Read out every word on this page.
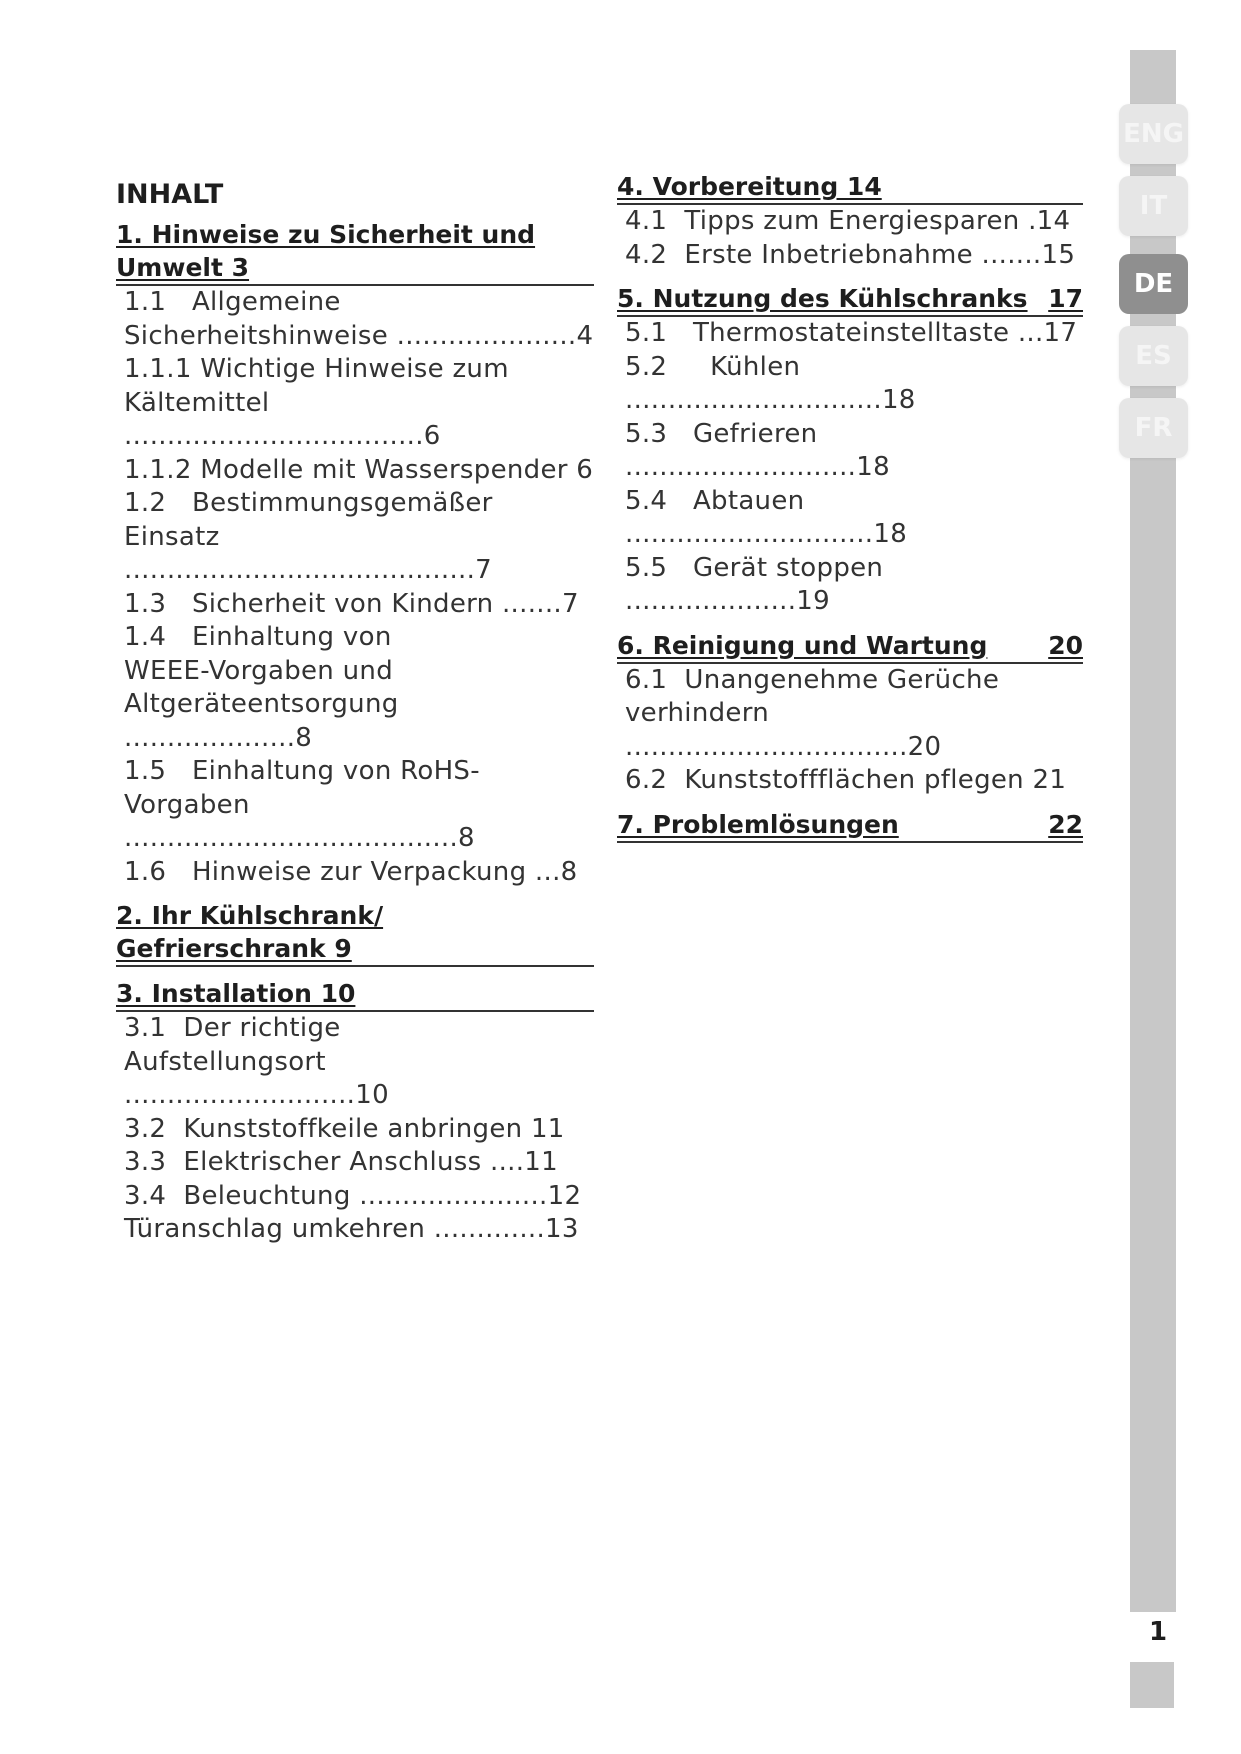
ENG
IT
DE
ES
FR
INHALT
1. Hinweise zu Sicherheit und
Umwelt 3
1.1   Allgemeine
Sicherheitshinweise .....................4
1.1.1 Wichtige Hinweise zum
Kältemittel ...................................6
1.1.2 Modelle mit Wasserspender 6
1.2   Bestimmungsgemäßer
Einsatz .........................................7
1.3   Sicherheit von Kindern .......7
1.4   Einhaltung von
WEEE-Vorgaben und
Altgeräteentsorgung ....................8
1.5   Einhaltung von RoHS-
Vorgaben .......................................8
1.6   Hinweise zur Verpackung ...8
2. Ihr Kühlschrank/
Gefrierschrank 9
3. Installation 10
3.1  Der richtige
Aufstellungsort ...........................10
3.2  Kunststoffkeile anbringen 11
3.3  Elektrischer Anschluss ....11
3.4  Beleuchtung ......................12
Türanschlag umkehren .............13
4. Vorbereitung 14
4.1  Tipps zum Energiesparen .14
4.2  Erste Inbetriebnahme .......15
5. Nutzung des Kühlschranks 17
5.1   Thermostateinstelltaste ...17
5.2     Kühlen ..............................18
5.3   Gefrieren ...........................18
5.4   Abtauen .............................18
5.5   Gerät stoppen ....................19
6. Reinigung und Wartung 20
6.1  Unangenehme Gerüche
verhindern .................................20
6.2  Kunststoffflächen pflegen 21
7. Problemlösungen	22
1
